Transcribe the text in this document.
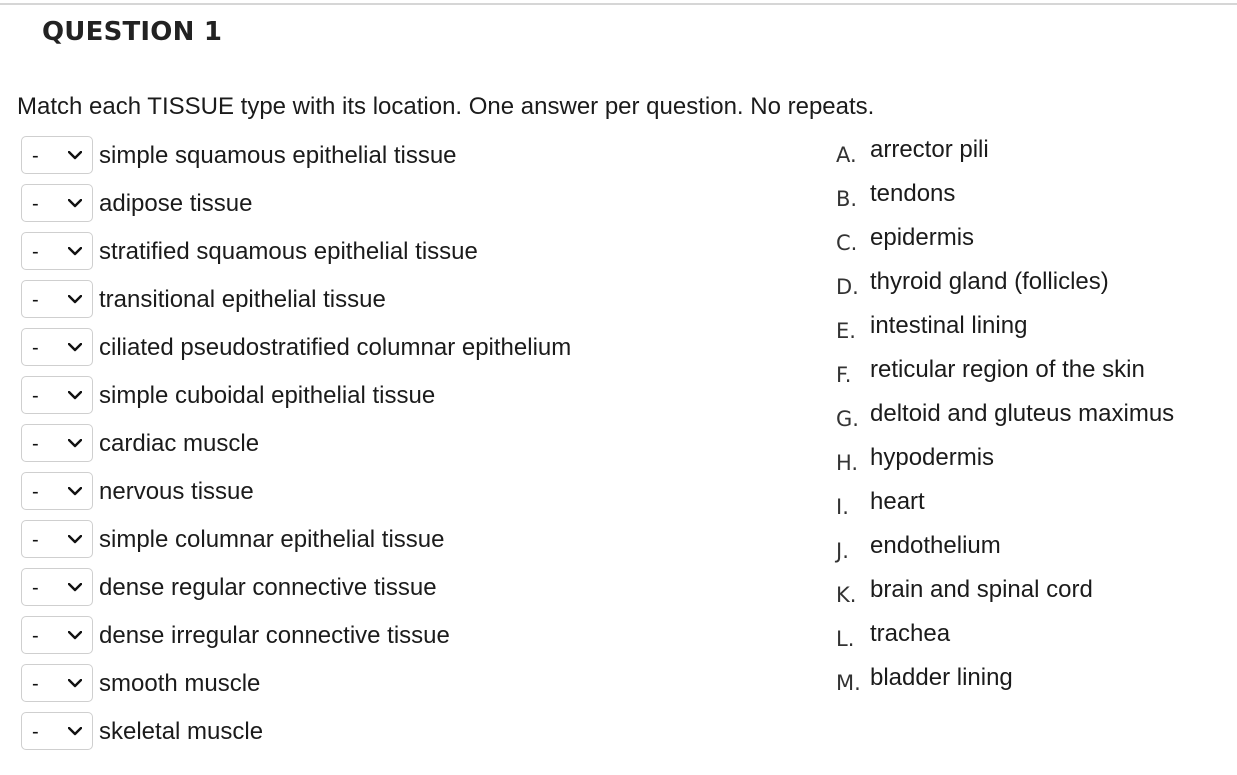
QUESTION 1
Match each TISSUE type with its location. One answer per question. No repeats.
-	simple squamous epithelial tissue
-	adipose tissue
-	stratified squamous epithelial tissue
-	transitional epithelial tissue
-	ciliated pseudostratified columnar epithelium
-	simple cuboidal epithelial tissue
-	cardiac muscle
-	nervous tissue
-	simple columnar epithelial tissue
-	dense regular connective tissue
-	dense irregular connective tissue
-	smooth muscle
-	skeletal muscle
A. arrector pili
B. tendons
C. epidermis
D. thyroid gland (follicles)
E. intestinal lining
F. reticular region of the skin
G. deltoid and gluteus maximus
H. hypodermis
I. heart
J. endothelium
K. brain and spinal cord
L. trachea
M. bladder lining
